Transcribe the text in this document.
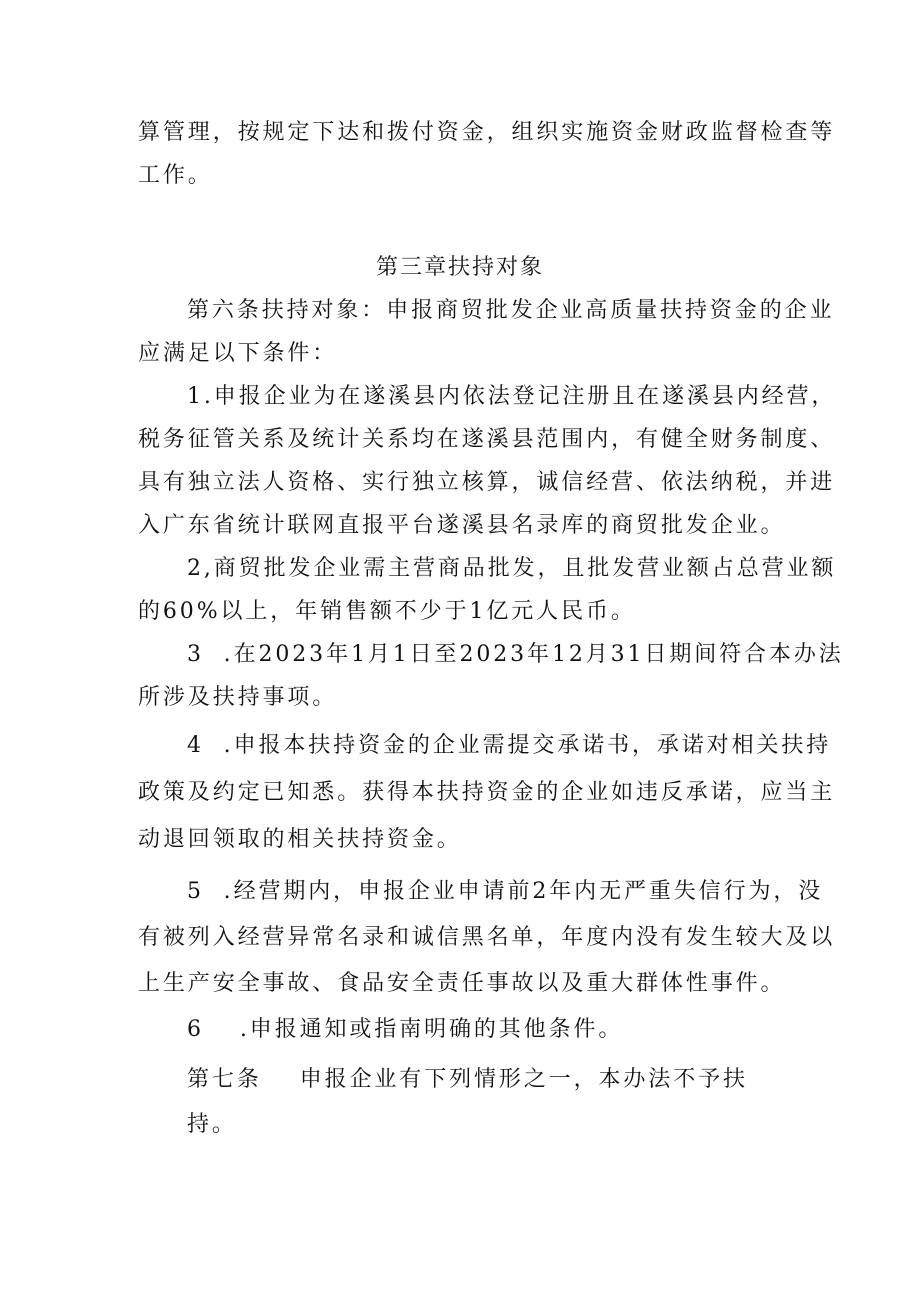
算管理，按规定下达和拨付资金，组织实施资金财政监督检查等
工作。
第三章扶持对象
第六条扶持对象：申报商贸批发企业高质量扶持资金的企业
应满足以下条件：
1.申报企业为在遂溪县内依法登记注册且在遂溪县内经营，
税务征管关系及统计关系均在遂溪县范围内，有健全财务制度、
具有独立法人资格、实行独立核算，诚信经营、依法纳税，并进
入广东省统计联网直报平台遂溪县名录库的商贸批发企业。
2,商贸批发企业需主营商品批发，且批发营业额占总营业额
的60%以上，年销售额不少于1亿元人民币。
3  .在2023年1月1日至2023年12月31日期间符合本办法
所涉及扶持事项。
4  .申报本扶持资金的企业需提交承诺书，承诺对相关扶持
政策及约定已知悉。获得本扶持资金的企业如违反承诺，应当主
动退回领取的相关扶持资金。
5  .经营期内，申报企业申请前2年内无严重失信行为，没
有被列入经营异常名录和诚信黑名单，年度内没有发生较大及以
上生产安全事故、食品安全责任事故以及重大群体性事件。
6 .申报通知或指南明确的其他条件。
第七条 申报企业有下列情形之一，本办法不予扶
持。
